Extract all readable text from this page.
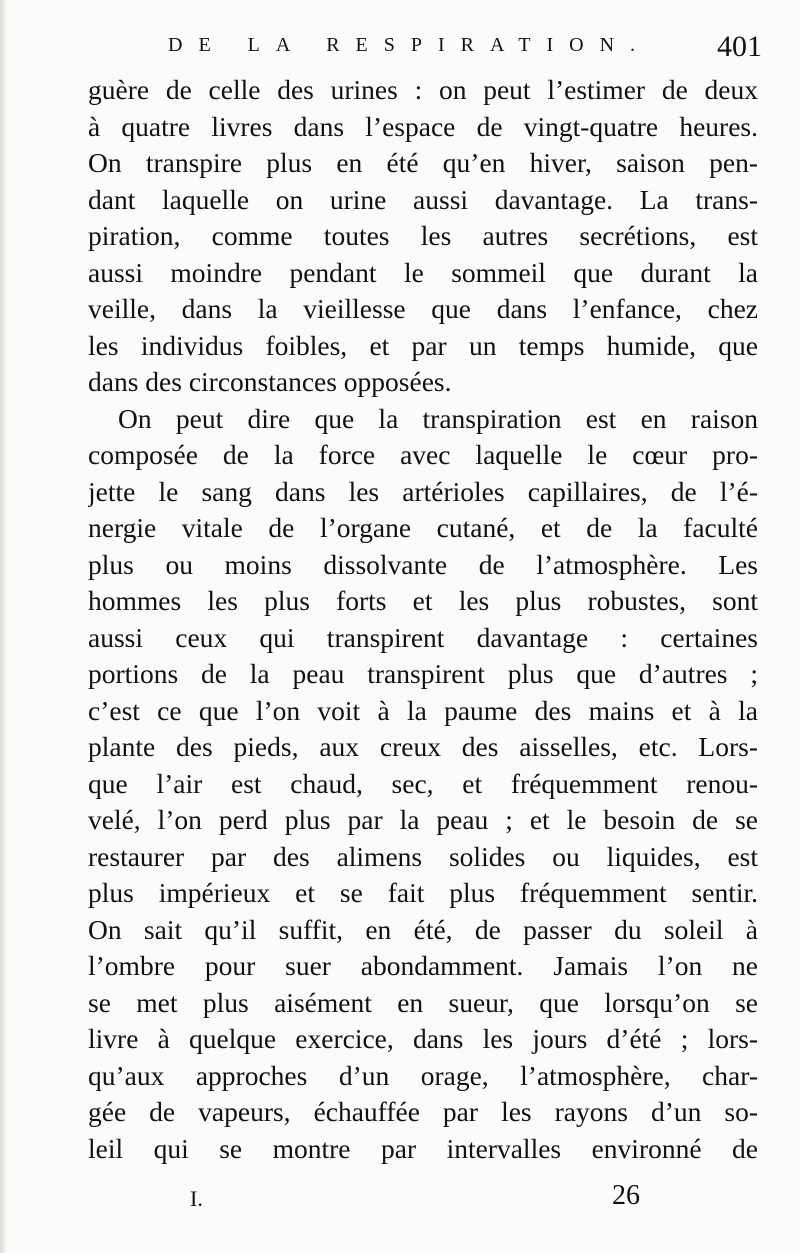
DE LA RESPIRATION. 401
guère de celle des urines : on peut l’estimer de deux
à quatre livres dans l’espace de vingt-quatre heures.
On transpire plus en été qu’en hiver, saison pen-
dant laquelle on urine aussi davantage. La trans-
piration, comme toutes les autres secrétions, est
aussi moindre pendant le sommeil que durant la
veille, dans la vieillesse que dans l’enfance, chez
les individus foibles, et par un temps humide, que
dans des circonstances opposées.
On peut dire que la transpiration est en raison
composée de la force avec laquelle le cœur pro-
jette le sang dans les artérioles capillaires, de l’é-
nergie vitale de l’organe cutané, et de la faculté
plus ou moins dissolvante de l’atmosphère. Les
hommes les plus forts et les plus robustes, sont
aussi ceux qui transpirent davantage : certaines
portions de la peau transpirent plus que d’autres ;
c’est ce que l’on voit à la paume des mains et à la
plante des pieds, aux creux des aisselles, etc. Lors-
que l’air est chaud, sec, et fréquemment renou-
velé, l’on perd plus par la peau ; et le besoin de se
restaurer par des alimens solides ou liquides, est
plus impérieux et se fait plus fréquemment sentir.
On sait qu’il suffit, en été, de passer du soleil à
l’ombre pour suer abondamment. Jamais l’on ne
se met plus aisément en sueur, que lorsqu’on se
livre à quelque exercice, dans les jours d’été ; lors-
qu’aux approches d’un orage, l’atmosphère, char-
gée de vapeurs, échauffée par les rayons d’un so-
leil qui se montre par intervalles environné de
I.	26
